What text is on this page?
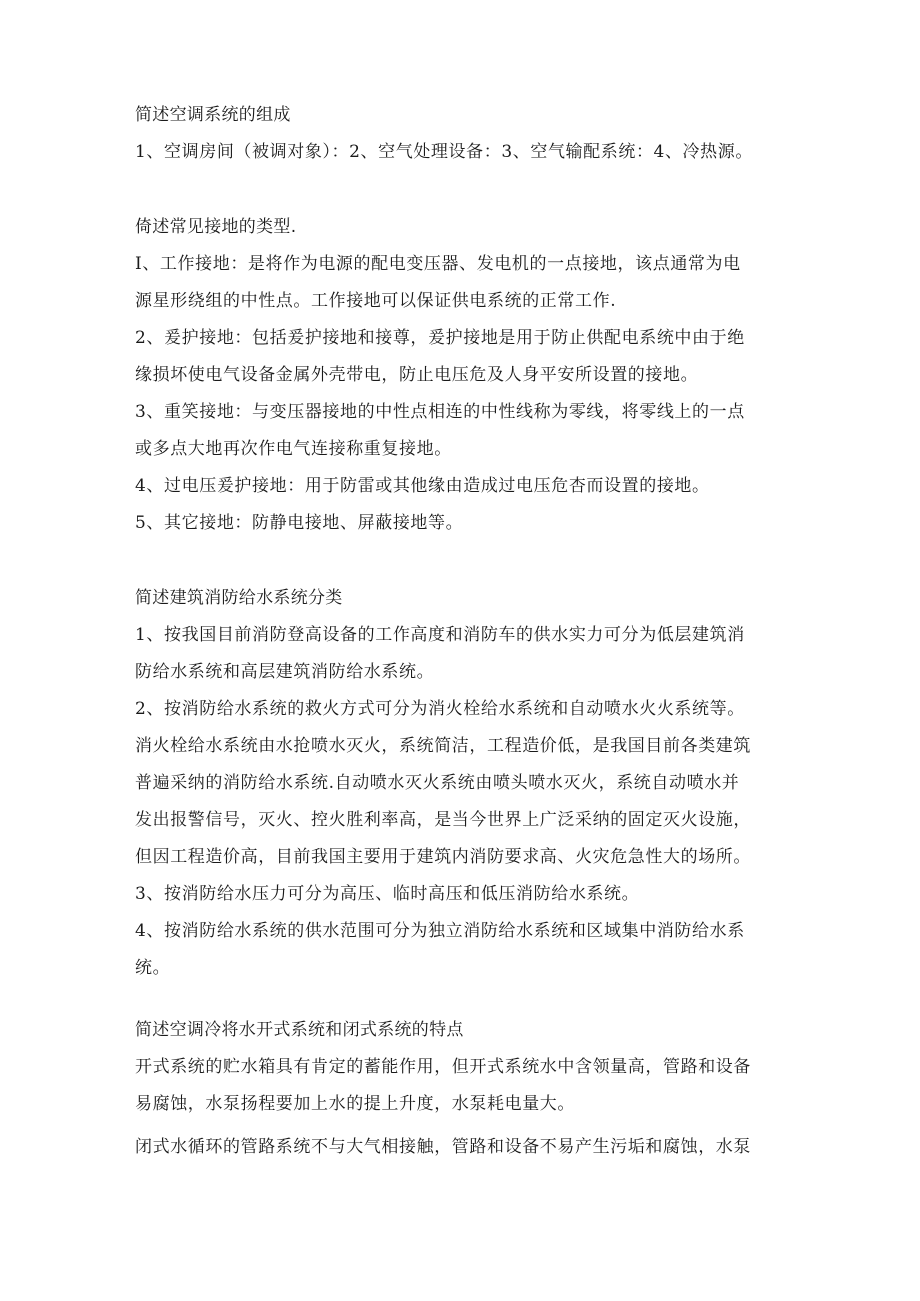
简述空调系统的组成
1、空调房间（被调对象）：2、空气处理设备：3、空气输配系统：4、冷热源。
倚述常见接地的类型.
I、工作接地：是将作为电源的配电变压器、发电机的一点接地，该点通常为电
源星形绕组的中性点。工作接地可以保证供电系统的正常工作.
2、爰护接地：包括爰护接地和接尊，爰护接地是用于防止供配电系统中由于绝
缘损坏使电气设备金属外壳带电，防止电压危及人身平安所设置的接地。
3、重笑接地：与变压器接地的中性点相连的中性线称为零线，将零线上的一点
或多点大地再次作电气连接称重复接地。
4、过电压爰护接地：用于防雷或其他缘由造成过电压危杏而设置的接地。
5、其它接地：防静电接地、屏蔽接地等。
简述建筑消防给水系统分类
1、按我国目前消防登高设备的工作高度和消防车的供水实力可分为低层建筑消
防给水系统和高层建筑消防给水系统。
2、按消防给水系统的救火方式可分为消火栓给水系统和自动喷水火火系统等。
消火栓给水系统由水抢喷水灭火，系统简洁，工程造价低，是我国目前各类建筑
普遍采纳的消防给水系统.自动喷水灭火系统由喷头喷水灭火，系统自动喷水并
发出报警信号，灭火、控火胜利率高，是当今世界上广泛采纳的固定灭火设施，
但因工程造价高，目前我国主要用于建筑内消防要求高、火灾危急性大的场所。
3、按消防给水压力可分为高压、临时高压和低压消防给水系统。
4、按消防给水系统的供水范围可分为独立消防给水系统和区域集中消防给水系
统。
简述空调冷将水开式系统和闭式系统的特点
开式系统的贮水箱具有肯定的蓄能作用，但开式系统水中含领量高，管路和设备
易腐蚀，水泵扬程要加上水的提上升度，水泵耗电量大。
闭式水循环的管路系统不与大气相接触，管路和设备不易产生污垢和腐蚀，水泵
